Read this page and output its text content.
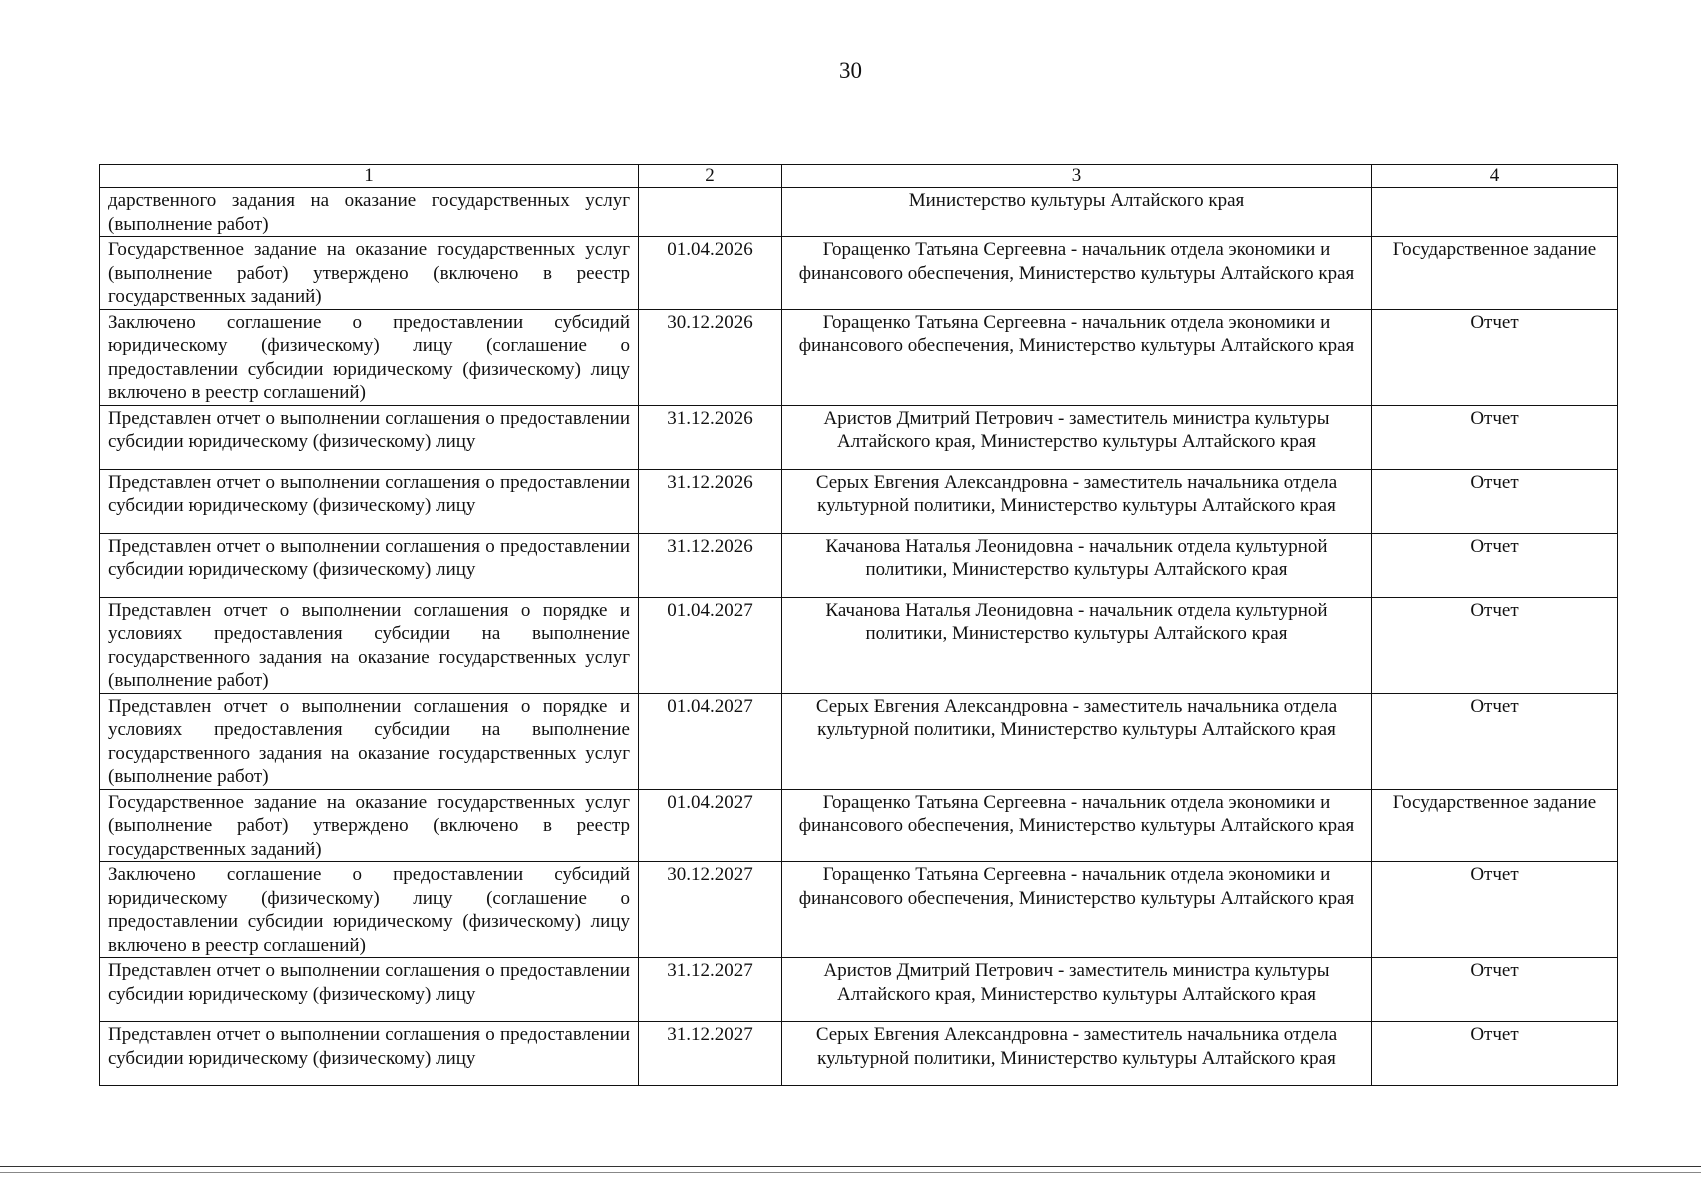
30
1	2	3	4
дарственного задания на оказание государственных услуг (выполнение работ)		Министерство культуры Алтайского края	
Государственное задание на оказание государственных услуг (выполнение работ) утверждено (включено в реестр государственных заданий)	01.04.2026	Горащенко Татьяна Сергеевна - начальник отдела экономики и финансового обеспечения, Министерство культуры Алтайского края	Государственное задание
Заключено соглашение о предоставлении субсидий юридическому (физическому) лицу (соглашение о предоставлении субсидии юридическому (физическому) лицу включено в реестр соглашений)	30.12.2026	Горащенко Татьяна Сергеевна - начальник отдела экономики и финансового обеспечения, Министерство культуры Алтайского края	Отчет
Представлен отчет о выполнении соглашения о предоставлении субсидии юридическому (физическому) лицу	31.12.2026	Аристов Дмитрий Петрович - заместитель министра культуры Алтайского края, Министерство культуры Алтайского края	Отчет
Представлен отчет о выполнении соглашения о предоставлении субсидии юридическому (физическому) лицу	31.12.2026	Серых Евгения Александровна - заместитель начальника отдела культурной политики, Министерство культуры Алтайского края	Отчет
Представлен отчет о выполнении соглашения о предоставлении субсидии юридическому (физическому) лицу	31.12.2026	Качанова Наталья Леонидовна - начальник отдела культурной политики, Министерство культуры Алтайского края	Отчет
Представлен отчет о выполнении соглашения о порядке и условиях предоставления субсидии на выполнение государственного задания на оказание государственных услуг (выполнение работ)	01.04.2027	Качанова Наталья Леонидовна - начальник отдела культурной политики, Министерство культуры Алтайского края	Отчет
Представлен отчет о выполнении соглашения о порядке и условиях предоставления субсидии на выполнение государственного задания на оказание государственных услуг (выполнение работ)	01.04.2027	Серых Евгения Александровна - заместитель начальника отдела культурной политики, Министерство культуры Алтайского края	Отчет
Государственное задание на оказание государственных услуг (выполнение работ) утверждено (включено в реестр государственных заданий)	01.04.2027	Горащенко Татьяна Сергеевна - начальник отдела экономики и финансового обеспечения, Министерство культуры Алтайского края	Государственное задание
Заключено соглашение о предоставлении субсидий юридическому (физическому) лицу (соглашение о предоставлении субсидии юридическому (физическому) лицу включено в реестр соглашений)	30.12.2027	Горащенко Татьяна Сергеевна - начальник отдела экономики и финансового обеспечения, Министерство культуры Алтайского края	Отчет
Представлен отчет о выполнении соглашения о предоставлении субсидии юридическому (физическому) лицу	31.12.2027	Аристов Дмитрий Петрович - заместитель министра культуры Алтайского края, Министерство культуры Алтайского края	Отчет
Представлен отчет о выполнении соглашения о предоставлении субсидии юридическому (физическому) лицу	31.12.2027	Серых Евгения Александровна - заместитель начальника отдела культурной политики, Министерство культуры Алтайского края	Отчет
